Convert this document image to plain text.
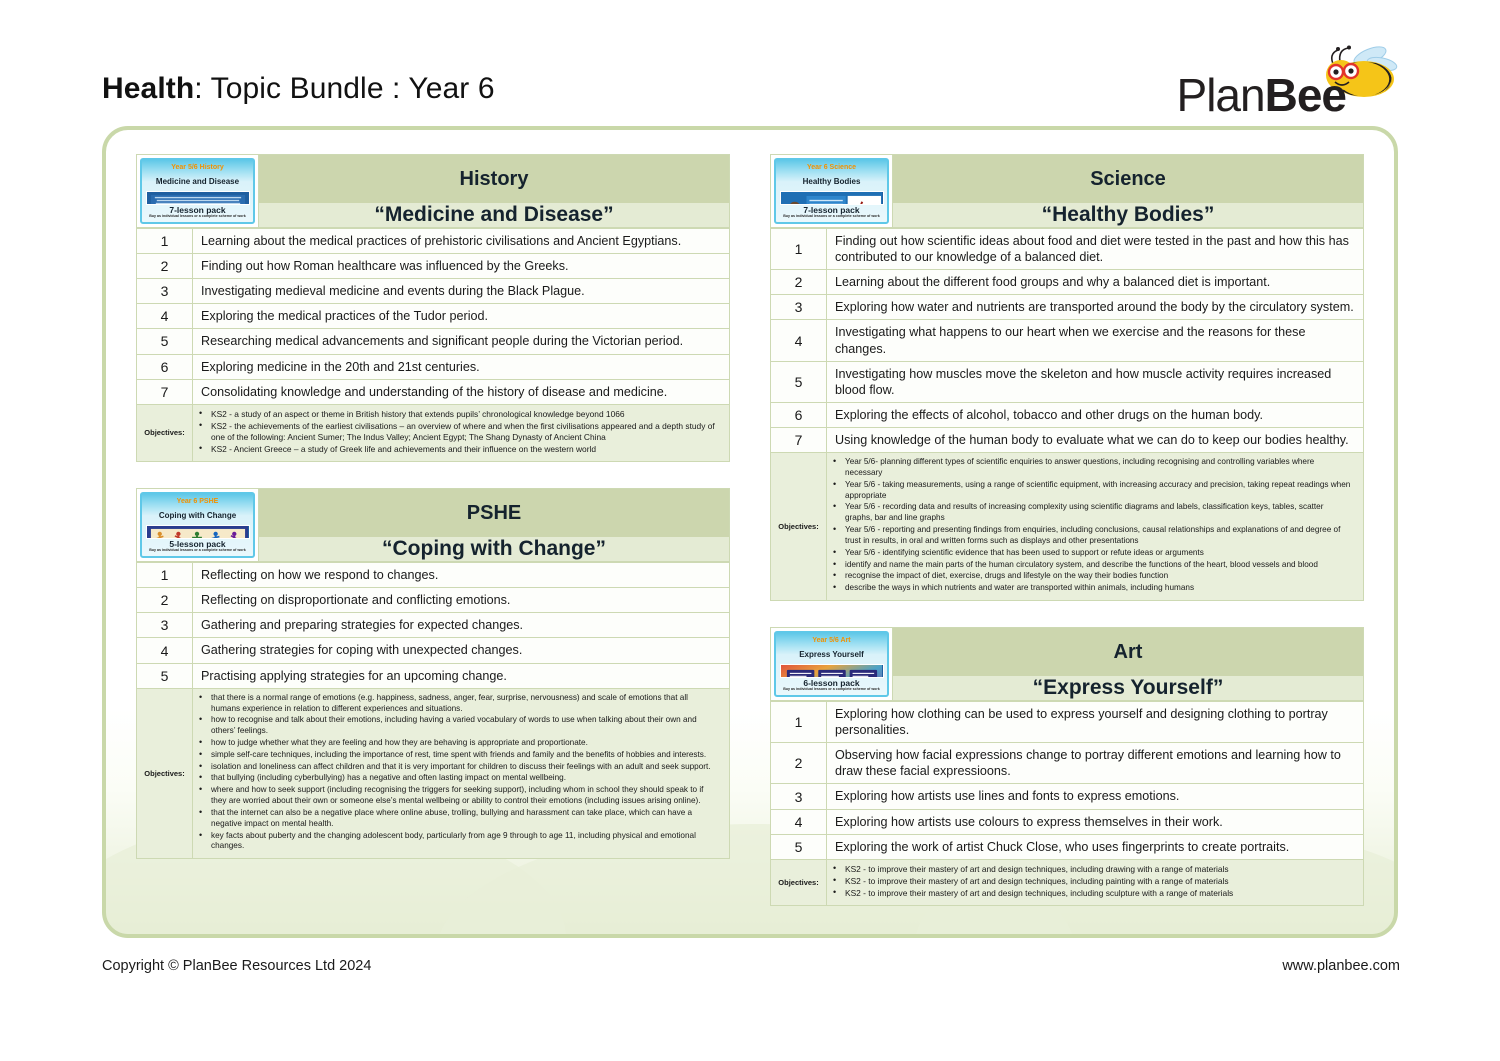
Health: Topic Bundle : Year 6	PlanBee
Year 5/6 History
Medicine and Disease
7-lesson pack
Buy as individual lessons or a complete scheme of work
History
“Medicine and Disease”
1	Learning about the medical practices of prehistoric civilisations and Ancient Egyptians.
2	Finding out how Roman healthcare was influenced by the Greeks.
3	Investigating medieval medicine and events during the Black Plague.
4	Exploring the medical practices of the Tudor period.
5	Researching medical advancements and significant people during the Victorian period.
6	Exploring medicine in the 20th and 21st centuries.
7	Consolidating knowledge and understanding of the history of disease and medicine.
Objectives:
• KS2 - a study of an aspect or theme in British history that extends pupils’ chronological knowledge beyond 1066
• KS2 - the achievements of the earliest civilisations – an overview of where and when the first civilisations appeared and a depth study of one of the following: Ancient Sumer; The Indus Valley; Ancient Egypt; The Shang Dynasty of Ancient China
• KS2 - Ancient Greece – a study of Greek life and achievements and their influence on the western world
Year 6 PSHE
Coping with Change
5-lesson pack
Buy as individual lessons or a complete scheme of work
PSHE
“Coping with Change”
1	Reflecting on how we respond to changes.
2	Reflecting on disproportionate and conflicting emotions.
3	Gathering and preparing strategies for expected changes.
4	Gathering strategies for coping with unexpected changes.
5	Practising applying strategies for an upcoming change.
Objectives:
• that there is a normal range of emotions (e.g. happiness, sadness, anger, fear, surprise, nervousness) and scale of emotions that all humans experience in relation to different experiences and situations.
• how to recognise and talk about their emotions, including having a varied vocabulary of words to use when talking about their own and others’ feelings.
• how to judge whether what they are feeling and how they are behaving is appropriate and proportionate.
• simple self-care techniques, including the importance of rest, time spent with friends and family and the benefits of hobbies and interests.
• isolation and loneliness can affect children and that it is very important for children to discuss their feelings with an adult and seek support.
• that bullying (including cyberbullying) has a negative and often lasting impact on mental wellbeing.
• where and how to seek support (including recognising the triggers for seeking support), including whom in school they should speak to if they are worried about their own or someone else’s mental wellbeing or ability to control their emotions (including issues arising online).
• that the internet can also be a negative place where online abuse, trolling, bullying and harassment can take place, which can have a negative impact on mental health.
• key facts about puberty and the changing adolescent body, particularly from age 9 through to age 11, including physical and emotional changes.
Year 6 Science
Healthy Bodies
7-lesson pack
Buy as individual lessons or a complete scheme of work
Science
“Healthy Bodies”
1	Finding out how scientific ideas about food and diet were tested in the past and how this has contributed to our knowledge of a balanced diet.
2	Learning about the different food groups and why a balanced diet is important.
3	Exploring how water and nutrients are transported around the body by the circulatory system.
4	Investigating what happens to our heart when we exercise and the reasons for these changes.
5	Investigating how muscles move the skeleton and how muscle activity requires increased blood flow.
6	Exploring the effects of alcohol, tobacco and other drugs on the human body.
7	Using knowledge of the human body to evaluate what we can do to keep our bodies healthy.
Objectives:
• Year 5/6- planning different types of scientific enquiries to answer questions, including recognising and controlling variables where necessary
• Year 5/6 - taking measurements, using a range of scientific equipment, with increasing accuracy and precision, taking repeat readings when appropriate
• Year 5/6 - recording data and results of increasing complexity using scientific diagrams and labels, classification keys, tables, scatter graphs, bar and line graphs
• Year 5/6 - reporting and presenting findings from enquiries, including conclusions, causal relationships and explanations of and degree of trust in results, in oral and written forms such as displays and other presentations
• Year 5/6 - identifying scientific evidence that has been used to support or refute ideas or arguments
• identify and name the main parts of the human circulatory system, and describe the functions of the heart, blood vessels and blood
• recognise the impact of diet, exercise, drugs and lifestyle on the way their bodies function
• describe the ways in which nutrients and water are transported within animals, including humans
Year 5/6 Art
Express Yourself
6-lesson pack
Buy as individual lessons or a complete scheme of work
Art
“Express Yourself”
1	Exploring how clothing can be used to express yourself and designing clothing to portray personalities.
2	Observing how facial expressions change to portray different emotions and learning how to draw these facial expressioons.
3	Exploring how artists use lines and fonts to express emotions.
4	Exploring how artists use colours to express themselves in their work.
5	Exploring the work of artist Chuck Close, who uses fingerprints to create portraits.
Objectives:
• KS2 - to improve their mastery of art and design techniques, including drawing with a range of materials
• KS2 - to improve their mastery of art and design techniques, including painting with a range of materials
• KS2 - to improve their mastery of art and design techniques, including sculpture with a range of materials
Copyright © PlanBee Resources Ltd 2024	www.planbee.com
